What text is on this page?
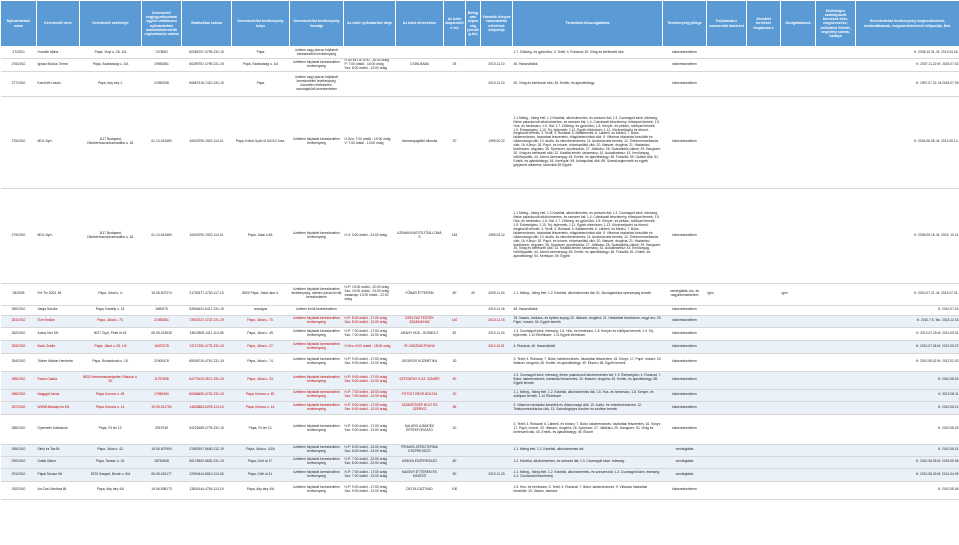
Nyilvántartási szám	Kereskedő neve	Kereskedő székhelye	Kereskedő cégjegyzékszáma/ egyéni vállalkozói nyilvántartási száma/kistermelői regisztrációs száma	Statisztikai száma	Kereskedelmi tevékenység helye	Kereskedelmi tevékenység formája	Az üzlet nyitvatartási ideje	Az üzlet elnevezése	Az üzlet alapterülete m2	Befogadó képesség (vendég-tér)	Vásárlók könyve használatba vételének időpontja	Termékkörök/szolgáltatás	Tevékenység jellege	Folytatnak-e szeszesital kimérést	Jövedéki terméket forgalmaz-e	Szolgáltatások	Különleges szabályozott termékek köre, megnevezése; működési feltétel, engedély száma, hatálya	Kereskedelmi tevékenység megkezdésének, módosításának, megszüntetésének időpontja; Mvt.
27/2010	Horváth Mária	Pápa, Vinyi u. 25. 1/A	7478082	60056757-4799-231-19	Pápa	üzleten vagy piacon folytatott kereskedelmi tevékenység						1.7. Zöldség- és gyümölcs; 3. Textil; 4. Ruházat; 30. Virág és kertészeti cikk	kiskereskedelem					K: 2008.10.31. M: 2013.04.26.
276/2010	Ignácz Bodza Tímea	Pápa, Szabadság u. 1/A	19982681	60289757-4799-231-19	Pápa, Szabadság u. 1/a	üzletben folytatott kereskedelmi tevékenység	H-Sz és Cs: 8:00 - 16:30 óráig
P: 7:00 órától - 16:00 óráig
Szo: 8:00 órától - 12:00 óráig	CSINI-BABA	25		2010.11.10	46. Használtcikk	kiskereskedelem					K: 2007.11.22 M: 2015.07.02
277/2010	Komlóthi László	Pápa, Ady átry 1.	21950036	60657316-7410-231-19	Pápa	üzleten vagy piacon folytatott kereskedelmi tevékenység; közvetlen értékesítés; csomagküldő kereskedelem					2010.11.10	30. Virág és kertészeti cikk; 45. Emlék- és ajándéktárgy	kiskereskedelem					K: 1997.07.22. M:2015.07.09
278/2010	MOL Nyrt.	1117 Budapest, Októberhuszonharmadika u. 18.	01-10-041683	10625790-1920-114-01	Pápa, Külső Győri út 6/2/1/2 hrsz.	üzletben folytatott kereskedelmi tevékenység	H-Szo: 7:00 órától - 19:00 óráig
V: 7:00 órától - 13:00 óráig	üzemanyagtöltő állomás	20		1999.00.22	1.1 Meleg-, hideg étel; 1.2 Kávéital, alkoholmentes- és szeszes ital; 1.3. Csomagolt kávé, édesség, illetve palackozott alkoholmentes- és szeszes ital; 1.4. Cukrászati készítmény, édesipari termék; 1.5. Hús- és hentesáru; 1.6. Hal; 1.7. Zöldség- és gyümölcs; 1.8. Kenyér- és pékáru, sütőipari termék; 1.9. Édességáru; 1.10. Tej, tejtermék; 1.11. Egyéb élelmiszer; 1.12. Közérzetjavító és étrend-kiegészítő termék; 3. Textil; 4. Ruházat; 5. Babatermék; 6. Lábbeli- és bőráru; 7. Bútor, lakberendezés, háztartási felszerelés, világítástechnikai cikk; 9. Villamos háztartási készülék és villamossági cikk; 10. Audió- és videóberendezés; 11. Audiovizuális termék; 12. Telekommunikációs cikk; 16. Könyv; 18. Papír- és írószer, művészellátó cikk; 20. Illatszer, drogéria; 21. Háztartási tisztítószer, vegyiáru; 26. Sportszer, sporteszköz; 27. Játékáru; 28. Szabadidős cikkek; 29. Hangszer; 30. Virág és kertészeti cikk; 32. Kisállat-eledel, takarmány; 42. Autóalkatrész; 43. Kenőanyag, hűtőfolyadék; 44. Jármű-üzemanyag; 45. Emlék- és ajándéktárgy; 48. Fotócikk; 59. Optikai cikk; 51. Emlék- és ajándéktárgy; 54. Kerékpár; 59. Autóápolási cikk; 89. Szemüveglencsék és egyéb gépjármű-alkatrész; kartonlek,59 Egyéb	kiskereskedelem					K: 2004.06.06. M: 2014.05.14.
279/2010	MOL Nyrt.	1117 Budapest, Októberhuszonharmadika u. 18.	01-10-041683	10625790-1920-114-01	Pápa, Jókai u.63.	üzletben folytatott kereskedelmi tevékenység	H-V: 0:00 órától - 24:00 óráig	üZEMANYAGTÖLTŐÁLLOMÁS	163		1999.03.12	1.1 Meleg-, hideg étel; 1.2 Kávéital, alkoholmentes- és szeszes ital; 1.3. Csomagolt kávé, édesség, illetve palackozott alkoholmentes- és szeszes ital; 1.4. Cukrászati készítmény, édesipari termék; 1.5. Hús- és hentesáru; 1.6. Hal; 1.7. Zöldség- és gyümölcs; 1.8. Kenyér- és pékáru, sütőipari termék; 1.9. Édességáru; 1.10. Tej, tejtermék; 1.11. Egyéb élelmiszer; 1.12. Közérzetjavító és étrend-kiegészítő termék; 3. Textil; 4. Ruházat; 5. Babatermék; 6. Lábbeli- és bőráru; 7. Bútor, lakberendezés, háztartási felszerelés, világítástechnikai cikk; 9. Villamos háztartási készülék és villamossági cikk; 10. Audió- és videóberendezés; 11. Audiovizuális termék; 12. Telekommunikációs cikk; 16. Könyv; 18. Papír- és írószer, művészellátó cikk; 20. Illatszer, drogéria; 21. Háztartási tisztítószer, vegyiáru; 26. Sportszer, sporteszköz; 27. Játékáru; 28. Szabadidős cikkek; 29. Hangszer; 30. Virág és kertészeti cikk; 32. Kisállat-eledel, takarmány; 42. Autóalkatrész; 43. Kenőanyag, hűtőfolyadék; 44. Jármű-üzemanyag; 45. Emlék- és ajándéktárgy; 48. Fotócikk; 51. Emlék- és ajándéktárgy; 54. Kerékpár; 59. Egyéb	kiskereskedelem					K: 2006.09.18. M: 2015. 10.21
28/2005	Frit Trx 2003. Bt.	Pápa, Jókai u. 4.	19-06-507274	21790377-4730-117-19	8500 Pápa, Jókai utca 4.	üzletben folytatott kereskedelmi tevékenység, üzleten (utcán kívül) kereskedelem	H-P: 10:00 órától - 22:00 óráig
Szo: 10:00 órától - 24:00 óráig
vasárnap: 10:00 órától - 22:00 óráig	FŐBÁR ÉTTEREM	80	40	2009.11.04	1.1. Meleg-, hideg étel; 1.2. Kávéital, alkoholmentes ital; 51. Mozdgatóképi nyersanyag termék	vendéglátás, kis- és nagykereskedelem	igen		igen		K: 2010.07.21. M: 2014.07.31.
280/2010	Varga Sándor	Pápa, Kastély u. 19.	1680270	53946431-5417-231-19	országos	üzleten kívüli kereskedelem					2010.11.16	46. Használtcikk	kiskereskedelem					K: 2010.07.16
281/2010	Öze Emőke	Pápa, Jókai u. 70.	21983681	73537327-4722-231-19	Pápa, Jókai u. 70.	üzletben folytatott kereskedelmi tevékenység	H-P: 8:00 órától - 17:00 óráig
Szo: 8:00 órától - 12:00 óráig	SZIN-FAZ FESTÉK SZÁMUKHÁZ	140		2010.11.15	19. Vasáru, barkács- és építési anyag; 20. Illatszer, drogéria; 21. Háztartási tisztítószer, vegyi áru; 29. Papír, írószer; 54. Egyéb termék	kiskereskedelem					K: 2010.7.5. Mu: 2013.12.18
282/2010	Arany Hús Kft.	9027 Győr, Pesti út 43.	08-09-013528	13613509-1011-113-08	Pápa, Jókai u. 49.	üzletben folytatott kereskedelmi tevékenység	H-P: 7:00 órától - 17:00 óráig
Szo: 7:00 órától - 12:00 óráig	ARANY HÚS - HÚSBOLT	82		2010.11.24	1.3. Csomagolt kávé, édesség; 1.5. Hús- és hentesáru; 1.8. Kenyér és sütőipari termék; 1.9. Tej, tejtermék, 1.10 Élelmiszer; 1.11 Egyéb élelmiszer	kiskereskedelem					K: 2010.07.25 M: 2011.05.31
283/2010	Bodó Zsófia	Pápa, Jókai u. 25. 1/9	16470278	74717290-4775-231-19	Pápa, Jókai u. 27.	üzletben folytatott kereskedelmi tevékenység	H-Szo: 8:00 órától - 18:00 óráig	ÍR-VÁSZNÁLTRUHA			2010.12.01	4. Ruházat; 46. Használtcikk	kiskereskedelem					K: 2010.07.26 M: 2012.05.22
284/2010	Tollner Márton Henrietta	Pápa, Rózsadomb u. 15.	21900478	65006726-4751-231-19	Pápa, Jókai u. 74.	üzletben folytatott kereskedelmi tevékenység	H-P: 9:00 órától - 17:00 óráig
Szo: 9:00 órától - 12:00 óráig	GEORGIS KOZMETIKA	30			3. Textil; 4. Ruházat; 7. Bútor, lakberendezés, háztartási felszerelés; 16. Könyv; 17. Papír, írószer; 20. Illatszer, drogéria; 45. Emlék- és ajándéktárgy; 49. Ékszer; 58. Egyéb termék	kiskereskedelem					K: 2010.08.02 M: 2012.02.03
285/2010	Fazes Csaba	8532 Kemenesszentpéter, Rákóczi u. 25.	11757598	64779125-3571-231-19	Pápa, Jókai u. 33.	üzletben folytatott kereskedelmi tevékenység	H-P: 9:00 órától - 17:00 óráig
Szo: 9:00 órától - 12:00 óráig	SZTEGÉNY S.SZ. SZIMÉR	50			1.3. Csomagolt kávé, édesség, illetve palackozott alkoholmentes ital; 1.9. Édességáru; 4. Ruházat; 7. Bútor, lakberendezés, háztartási felszerelés; 20. Illatszer, drogéria; 45. Emlék- és ajándéktárgy; 58. Egyéb termék	kiskereskedelem					K: 2010.08.03
286/2010	Nagygál János	Pápa, Korona u. 49.	17969490	60066659-4722-231-19	Pápa, Korona u. 49.	üzletben folytatott kereskedelmi tevékenység	H-P: 7:00 órától - 18:00 óráig
Szo: 7:00 órától - 12:00 óráig	FÓTÓLT RÉVÉ BOLTJA	20			1.1. Meleg-, hideg étel; 1.2. Kávéital, alkoholmentes ital; 1.5. Hús- és hentesáru; 1.8. Kenyér- és sütőipari termék; 1.10 Élelmiszer	kiskereskedelem					K: 2010.08.11
287/2010	WWW.Medsap.hu Kft.	Pápa, Korona u. 14.	19-09-511754	14628863-6209-113-19	Pápa, Korona u. 14.	üzletben folytatott kereskedelmi tevékenység	H-P: 9:00 órától - 17:00 óráig
Szo: 9:00 órától - 12:00 óráig	SZÁMÍTÓGÉP BOLT ÉS SZERVIZ	55			9. Villamos háztartási készülék és villamossági cikk; 10. Audió- és videóberendezés; 12. Telekommunikációs cikk; 13. Számítógépes hardver és szoftver termék	kiskereskedelem					K: 2010.08.14
288/2010	Gyermeth Kálmánné	Pápa, Fő tér 12.	2919749	54225489-4778-231-19	Pápa, Fő tér 12.	üzletben folytatott kereskedelmi tevékenység	H-P: 9:00 órától - 17:00 óráig
Szo: 9:00 órától - 12:00 óráig	KALÁRG AJÁNDÉK ÉRTÉKFORGATÓ	20			3. Textil; 4. Ruházat; 6. Lábbeli- és bőráru; 7. Bútor, lakberendezés, háztartási felszerelés; 16. Könyv; 17. Papír, írószer; 20. Illatszer, drogéria; 26. Sportszer; 27. Játékáru; 29. Hangszer; 30. Virág és kertészeti cikk; 45. Emlék- és ajándéktárgy; 49. Ékszer	kiskereskedelem					K: 2010.08.03
289/2010	Sirkó és Tsa Bt.	Pápa, Jókai u. 42.	19-06-507994	21552997-5630-212-19	Pápa, Jókai u. 42/A	üzletben folytatott kereskedelmi tevékenység	H-P: 8:00 órától - 24:00 óráig
Szo: 8:00 órától - 24:00 óráig	PIRAMIS ÁFÉSZTERMÁ ESZPRESSZÓ				1.1. Meleg étel; 1.2. Kávéital, alkoholmentes ital	vendéglátás					K: 2010.08.01
290/2010	Gallai Gábor	Pápa, Tavasz u. 15.	18790848	60176900-5630-231-19	Pápa, Gróf út 17.	üzletben folytatott kereskedelmi tevékenység	H-P: 7:00 órától - 22:00 óráig
Szo: 8:00 órától - 22:00 óráig	MOKKA ESZPRESSZÓ	80			1.2. Kávéital, alkoholmentes- és szeszes ital; 1.3. Csomagolt kávé, édesség	vendéglátás					K: 2010.08.05 M: 2016.05.06
291/2010	Pápai Tavasz Kft.	8725 Szeged, Bordé u. 6/A	06-09-016177	22990444-5610-113-06	Pápa, Celli út 41.	üzletben folytatott kereskedelmi tevékenység	H-P: 7:00 órától - 17:00 óráig
Szo: 7:00 órától - 12:00 óráig	MAGNYI ÉTTEREM ÉS KÁVÉZÓ	50		2010.11.29	1.1. Meleg-, hideg étel; 1.2. Kávéital, alkoholmentes- és szeszes ital; 1.3. Csomagolt kávé, édesség; 1.4. Cukrászati készítmény	vendéglátás					K: 2010.08.09 M: 2014.04.09
292/2010	An-Csa Üzletház Bt.	Pápa, Ady átry 4/A	19-06-508173	13841444-4754-113-19	Pápa, Ady átry 4/A	üzletben folytatott kereskedelmi tevékenység	H-P: 9:00 órától - 17:00 óráig
Szo: 9:00 órától - 12:00 óráig	DELTA GÜZTVAD	100			1.5. Hús- és hentesáru; 3. Textil; 4. Ruházat; 7. Bútor, lakberendezés; 9. Villamos háztartási készülék; 19. Vasáru, barkács	kiskereskedelem					K: 2010.08.06
